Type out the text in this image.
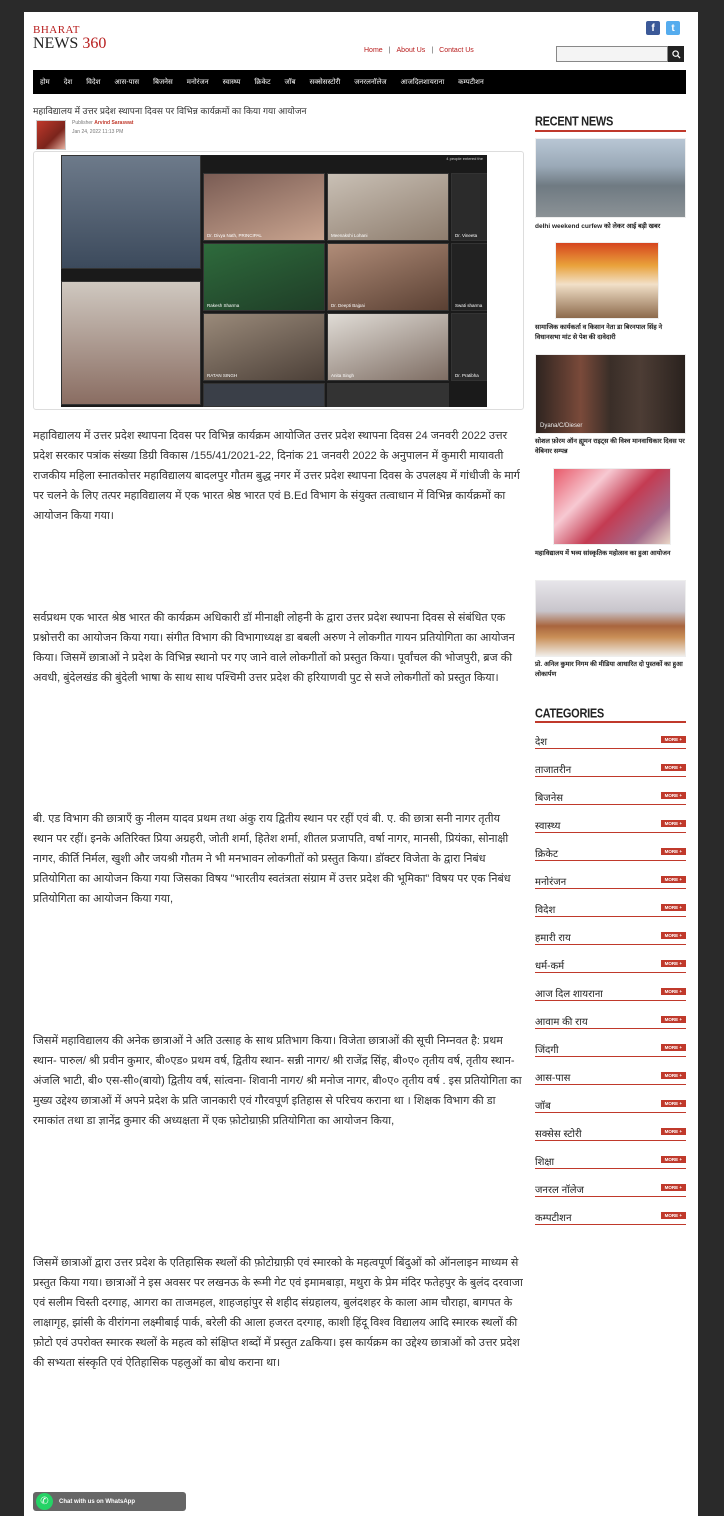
BHARAT
NEWS 360
f	t
Home | About Us | Contact Us
होम देश विदेश आस-पास बिजनेस मनोरंजन स्वास्थ्य क्रिकेट जॉब सक्सेसस्टोरी जनरलनॉलेज आजदिलशायराना कम्पटीशन
महाविद्यालय में उत्तर प्रदेश स्थापना दिवस पर विभिन्न कार्यक्रमों का किया गया आयोजन
Publisher Arvind Saraswat
Jan 24, 2022 11:13 PM
4 people entered the
Dr. Divya Nath, PRINCIPAL	Meenakshi Lohani	Dr. Vineeta
Rakesh Sharma	Dr. Deepti Bajpai	Swati sharma
RATAN SINGH	Anita Singh	Dr. Pratibha
महाविद्यालय में उत्तर प्रदेश स्थापना दिवस पर विभिन्न कार्यक्रम आयोजित उत्तर प्रदेश स्थापना दिवस 24 जनवरी 2022 उत्तर प्रदेश सरकार पत्रांक संख्या डिग्री विकास /155/41/2021-22, दिनांक 21 जनवरी 2022 के अनुपालन में कुमारी मायावती राजकीय महिला स्नातकोत्तर महाविद्यालय बादलपुर गौतम बुद्ध नगर में उत्तर प्रदेश स्थापना दिवस के उपलक्ष्य में गांधीजी के मार्ग पर चलने के लिए तत्पर महाविद्यालय में एक भारत श्रेष्ठ भारत एवं B.Ed विभाग के संयुक्त तत्वाधान में विभिन्न कार्यक्रमों का आयोजन किया गया।
सर्वप्रथम एक भारत श्रेष्ठ भारत की कार्यक्रम अधिकारी डॉ मीनाक्षी लोहनी के द्वारा उत्तर प्रदेश स्थापना दिवस से संबंधित एक प्रश्नोत्तरी का आयोजन किया गया। संगीत विभाग की विभागाध्यक्ष डा बबली अरुण ने लोकगीत गायन प्रतियोगिता का आयोजन किया। जिसमें छात्राओं ने प्रदेश के विभिन्न स्थानो पर गए जाने वाले लोकगीतों को प्रस्तुत किया। पूर्वांचल की भोजपुरी, ब्रज की अवधी, बुंदेलखंड की बुंदेली भाषा के साथ साथ पश्चिमी उत्तर प्रदेश की हरियाणवी पुट से सजे लोकगीतों को प्रस्तुत किया।
बी. एड विभाग की छात्राएँ कु नीलम यादव प्रथम तथा अंकु राय द्वितीय स्थान पर रहीं एवं बी. ए. की छात्रा सनी नागर तृतीय स्थान पर रहीं। इनके अतिरिक्त प्रिया अग्रहरी, जोती शर्मा, हितेश शर्मा, शीतल प्रजापति, वर्षा नागर, मानसी, प्रियंका, सोनाक्षी नागर, कीर्ति निर्मल, खुशी और जयश्री गौतम ने भी मनभावन लोकगीतों को प्रस्तुत किया। डॉक्टर विजेता के द्वारा निबंध प्रतियोगिता का आयोजन किया गया जिसका विषय "भारतीय स्वतंत्रता संग्राम में उत्तर प्रदेश की भूमिका" विषय पर एक निबंध प्रतियोगिता का आयोजन किया गया,
जिसमें महाविद्यालय की अनेक छात्राओं ने अति उत्साह के साथ प्रतिभाग किया। विजेता छात्राओं की सूची निम्नवत है: प्रथम स्थान- पारुल/ श्री प्रवीन कुमार, बी०एड० प्रथम वर्ष, द्वितीय स्थान- सन्नी नागर/ श्री राजेंद्र सिंह, बी०ए० तृतीय वर्ष, तृतीय स्थान- अंजलि भाटी, बी० एस-सी०(बायो) द्वितीय वर्ष, सांत्वना- शिवानी नागर/ श्री मनोज नागर, बी०ए० तृतीय वर्ष . इस प्रतियोगिता का मुख्य उद्देश्य छात्राओं में अपने प्रदेश के प्रति जानकारी एवं गौरवपूर्ण इतिहास से परिचय कराना था । शिक्षक विभाग की डा रमाकांत तथा डा ज्ञानेंद्र कुमार की अध्यक्षता में एक फ़ोटोग्राफ़ी प्रतियोगिता का आयोजन किया,
जिसमें छात्राओं द्वारा उत्तर प्रदेश के एतिहासिक स्थलों की फ़ोटोग्राफ़ी एवं स्मारको के महत्वपूर्ण बिंदुओं को ऑनलाइन माध्यम से प्रस्तुत किया गया। छात्राओं ने इस अवसर पर लखनऊ के रूमी गेट एवं इमामबाड़ा, मथुरा के प्रेम मंदिर फतेहपुर के बुलंद दरवाजा एवं सलीम चिस्ती दरगाह, आगरा का ताजमहल, शाहजहांपुर से शहीद संग्रहालय, बुलंदशहर के काला आम चौराहा, बागपत के लाक्षागृह, झांसी के वीरांगना लक्ष्मीबाई पार्क, बरेली की आला हजरत दरगाह, काशी हिंदू विश्व विद्यालय आदि स्मारक स्थलों की फ़ोटो एवं उपरोक्त स्मारक स्थलों के महत्व को संक्षिप्त शब्दों में प्रस्तुत zaकिया। इस कार्यक्रम का उद्देश्य छात्राओं को उत्तर प्रदेश की सभ्यता संस्कृति एवं ऐतिहासिक पहलुओं का बोध कराना था।
RECENT NEWS
delhi weekend curfew को लेकर आई बड़ी खबर
सामाजिक कार्यकर्ता व किसान नेता डा बिरनपाल सिंह ने विधानसभा मांट से पेश की दावेदारी
Dyana/C/Dieser
सोशल फ़ोरम ऑन ह्यूमन राइट्स की विश्व मानवाधिकार दिवस पर वेबिनार सम्पन्न
महाविद्यालय में भव्य सांस्कृतिक महोत्सव का हुआ आयोजन
प्रो. अनिल कुमार निगम की मीडिया आधारित दो पुस्तकों का हुआ लोकार्पण
CATEGORIES
देश	MORE +
ताजातरीन	MORE +
बिजनेस	MORE +
स्वास्थ्य	MORE +
क्रिकेट	MORE +
मनोरंजन	MORE +
विदेश	MORE +
हमारी राय	MORE +
धर्म-कर्म	MORE +
आज दिल शायराना	MORE +
आवाम की राय	MORE +
जिंदगी	MORE +
आस-पास	MORE +
जॉब	MORE +
सक्सेस स्टोरी	MORE +
शिक्षा	MORE +
जनरल नॉलेज	MORE +
कम्पटीशन	MORE +
✆	Chat with us on WhatsApp
